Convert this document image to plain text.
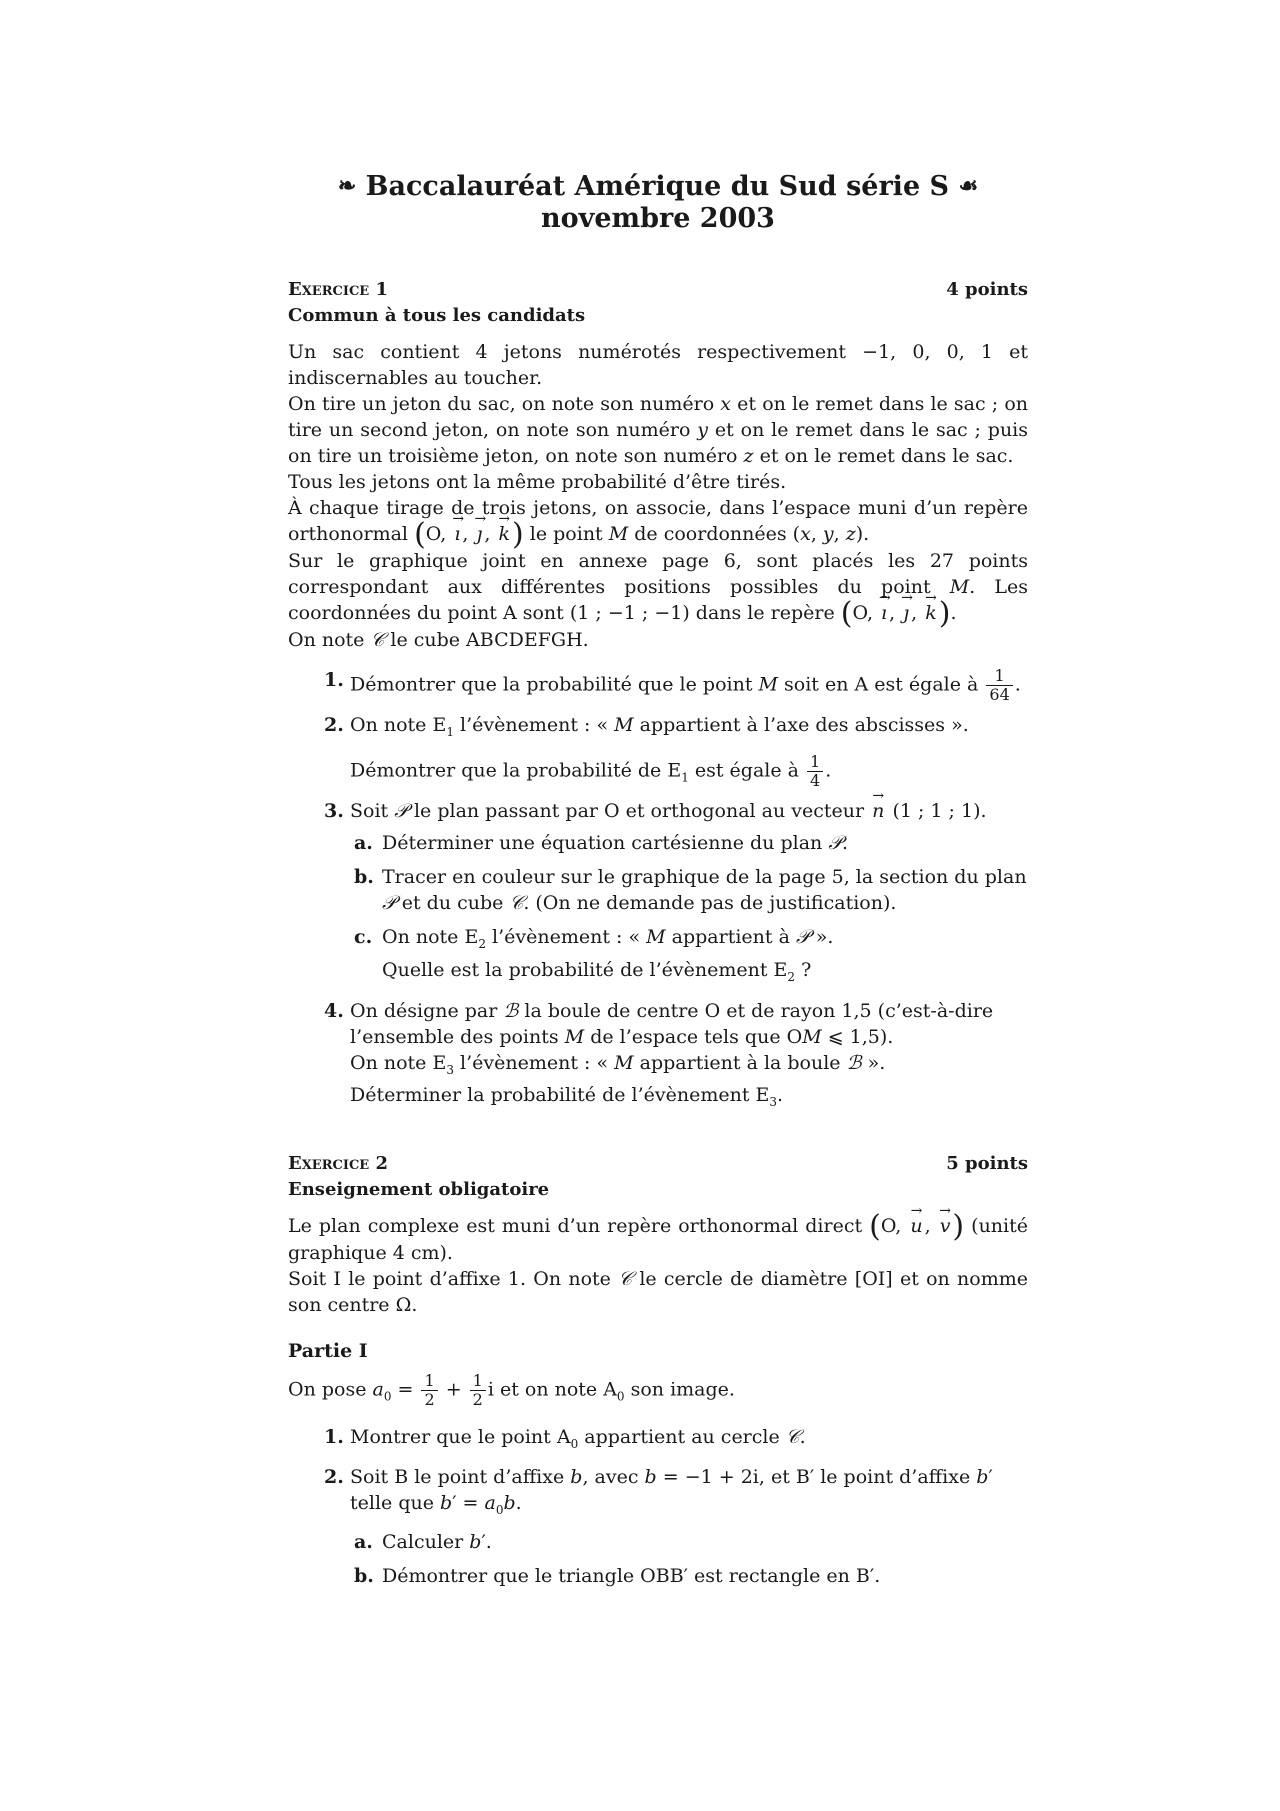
❧ Baccalauréat Amérique du Sud série S ☙
novembre 2003
Exercice 1	4 points
Commun à tous les candidats

Un sac contient 4 jetons numérotés respectivement −1, 0, 0, 1 et indiscernables au toucher.

On tire un jeton du sac, on note son numéro x et on le remet dans le sac ; on tire un second jeton, on note son numéro y et on le remet dans le sac ; puis on tire un troisième jeton, on note son numéro z et on le remet dans le sac.

Tous les jetons ont la même probabilité d’être tirés.

À chaque tirage de trois jetons, on associe, dans l’espace muni d’un repère orthonormal (O, → ı , → ȷ , → k) le point M de coordonnées (x, y, z).

Sur le graphique joint en annexe page 6, sont placés les 27 points correspondant aux différentes positions possibles du point M. Les coordonnées du point A sont (1 ; −1 ; −1) dans le repère (O, → ı , → ȷ , → k).

On note 𝒞 le cube ABCDEFGH.

1. Démontrer que la probabilité que le point M soit en A est égale à $\frac{1}{64}$ .
2. On note $E_1$ l’évènement : « M appartient à l’axe des abscisses ».
Démontrer que la probabilité de $E_1$ est égale à $\frac{1}{4}$ .
3. Soit 𝒫 le plan passant par O et orthogonal au vecteur → n (1 ; 1 ; 1).
a. Déterminer une équation cartésienne du plan 𝒫.
b. Tracer en couleur sur le graphique de la page 5, la section du plan 𝒫 et du cube 𝒞. (On ne demande pas de justification).
c. On note $E_2$ l’évènement : « M appartient à 𝒫 ».
Quelle est la probabilité de l’évènement $E_2$ ?
4. On désigne par ℬ la boule de centre O et de rayon 1,5 (c’est-à-dire l’ensemble des points M de l’espace tels que OM ⩽ 1,5).
On note $E_3$ l’évènement : « M appartient à la boule ℬ ».
Déterminer la probabilité de l’évènement $E_3$.
Exercice 2	5 points
Enseignement obligatoire

Le plan complexe est muni d’un repère orthonormal direct (O, → u , → v) (unité graphique 4 cm).

Soit I le point d’affixe 1. On note 𝒞 le cercle de diamètre [OI] et on nomme son centre Ω.

Partie I

On pose $a_0 = \frac{1}{2} + \frac{1}{2}$ i et on note $A_0$ son image.

1. Montrer que le point $A_0$ appartient au cercle 𝒞.
2. Soit B le point d’affixe b, avec b = −1 + 2i, et B′ le point d’affixe b′ telle que $b' = a_0b$.
a. Calculer b′.
b. Démontrer que le triangle OBB′ est rectangle en B′.
